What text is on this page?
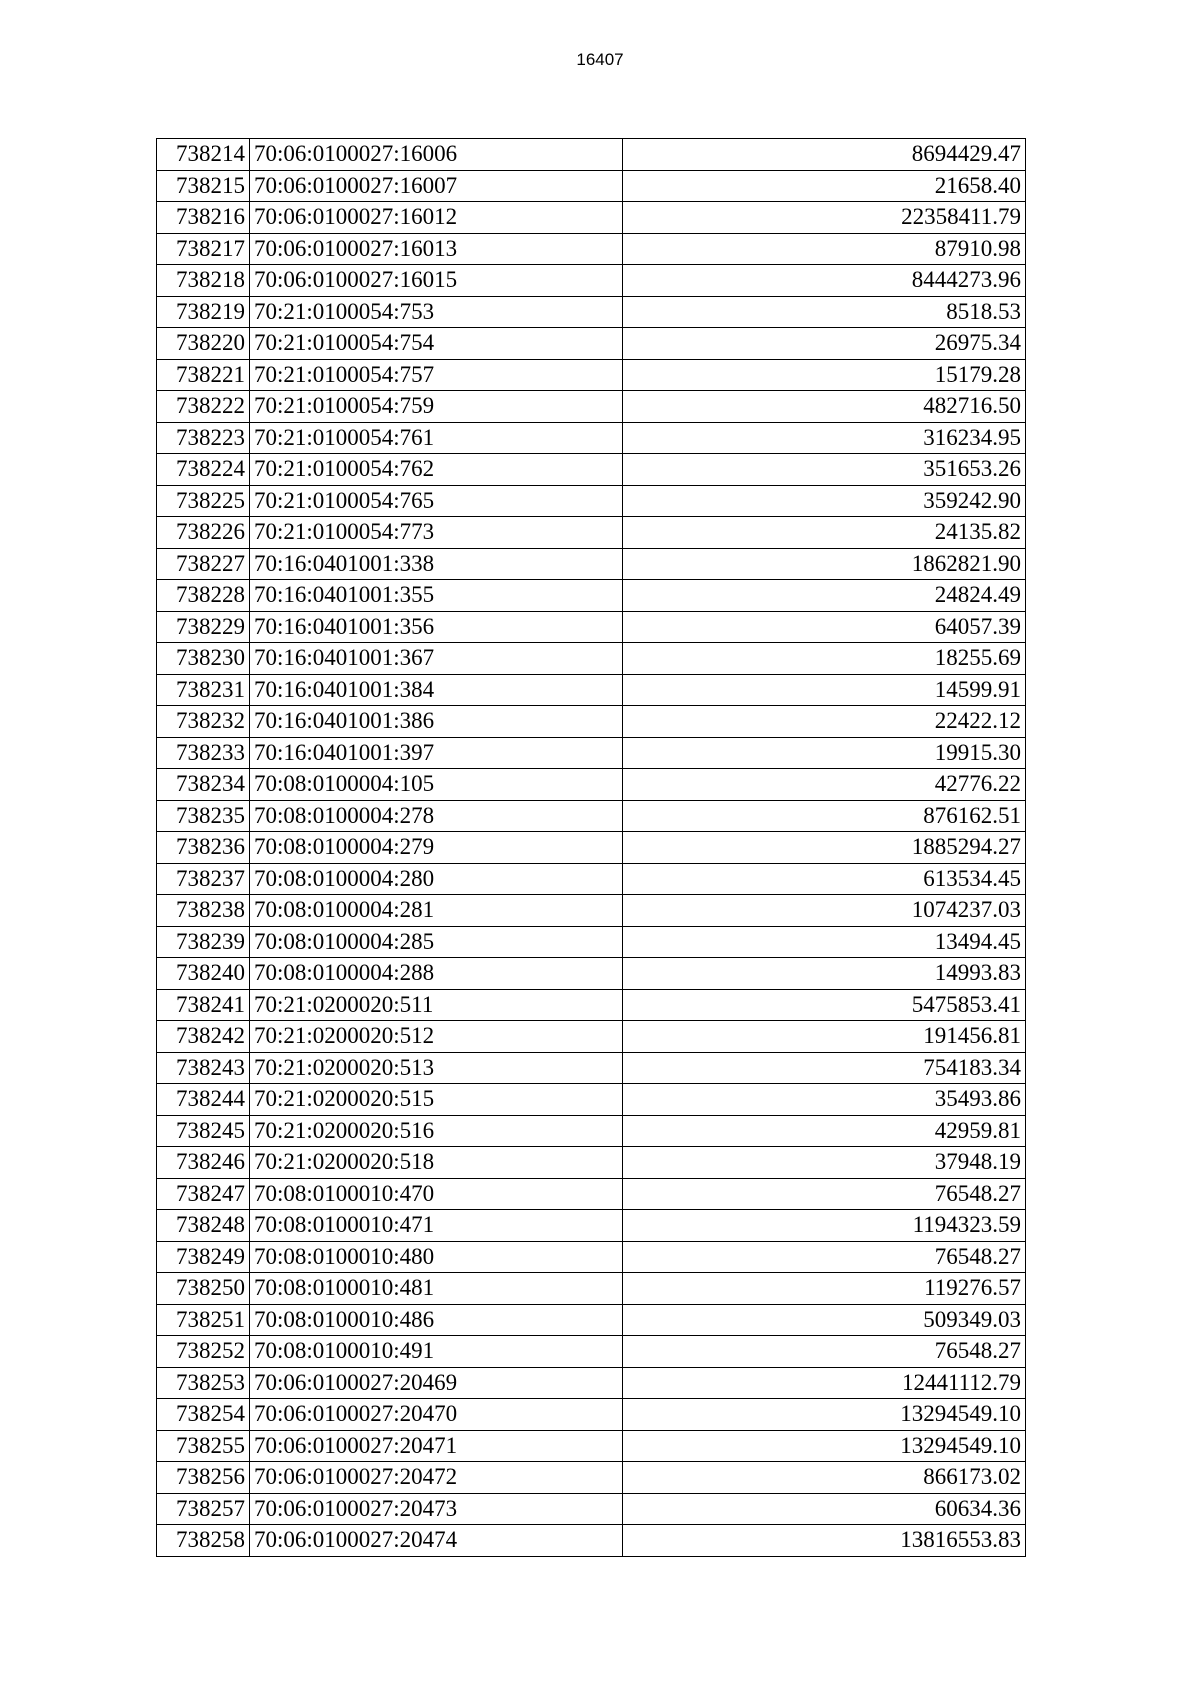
16407
738214	70:06:0100027:16006	8694429.47
738215	70:06:0100027:16007	21658.40
738216	70:06:0100027:16012	22358411.79
738217	70:06:0100027:16013	87910.98
738218	70:06:0100027:16015	8444273.96
738219	70:21:0100054:753	8518.53
738220	70:21:0100054:754	26975.34
738221	70:21:0100054:757	15179.28
738222	70:21:0100054:759	482716.50
738223	70:21:0100054:761	316234.95
738224	70:21:0100054:762	351653.26
738225	70:21:0100054:765	359242.90
738226	70:21:0100054:773	24135.82
738227	70:16:0401001:338	1862821.90
738228	70:16:0401001:355	24824.49
738229	70:16:0401001:356	64057.39
738230	70:16:0401001:367	18255.69
738231	70:16:0401001:384	14599.91
738232	70:16:0401001:386	22422.12
738233	70:16:0401001:397	19915.30
738234	70:08:0100004:105	42776.22
738235	70:08:0100004:278	876162.51
738236	70:08:0100004:279	1885294.27
738237	70:08:0100004:280	613534.45
738238	70:08:0100004:281	1074237.03
738239	70:08:0100004:285	13494.45
738240	70:08:0100004:288	14993.83
738241	70:21:0200020:511	5475853.41
738242	70:21:0200020:512	191456.81
738243	70:21:0200020:513	754183.34
738244	70:21:0200020:515	35493.86
738245	70:21:0200020:516	42959.81
738246	70:21:0200020:518	37948.19
738247	70:08:0100010:470	76548.27
738248	70:08:0100010:471	1194323.59
738249	70:08:0100010:480	76548.27
738250	70:08:0100010:481	119276.57
738251	70:08:0100010:486	509349.03
738252	70:08:0100010:491	76548.27
738253	70:06:0100027:20469	12441112.79
738254	70:06:0100027:20470	13294549.10
738255	70:06:0100027:20471	13294549.10
738256	70:06:0100027:20472	866173.02
738257	70:06:0100027:20473	60634.36
738258	70:06:0100027:20474	13816553.83
